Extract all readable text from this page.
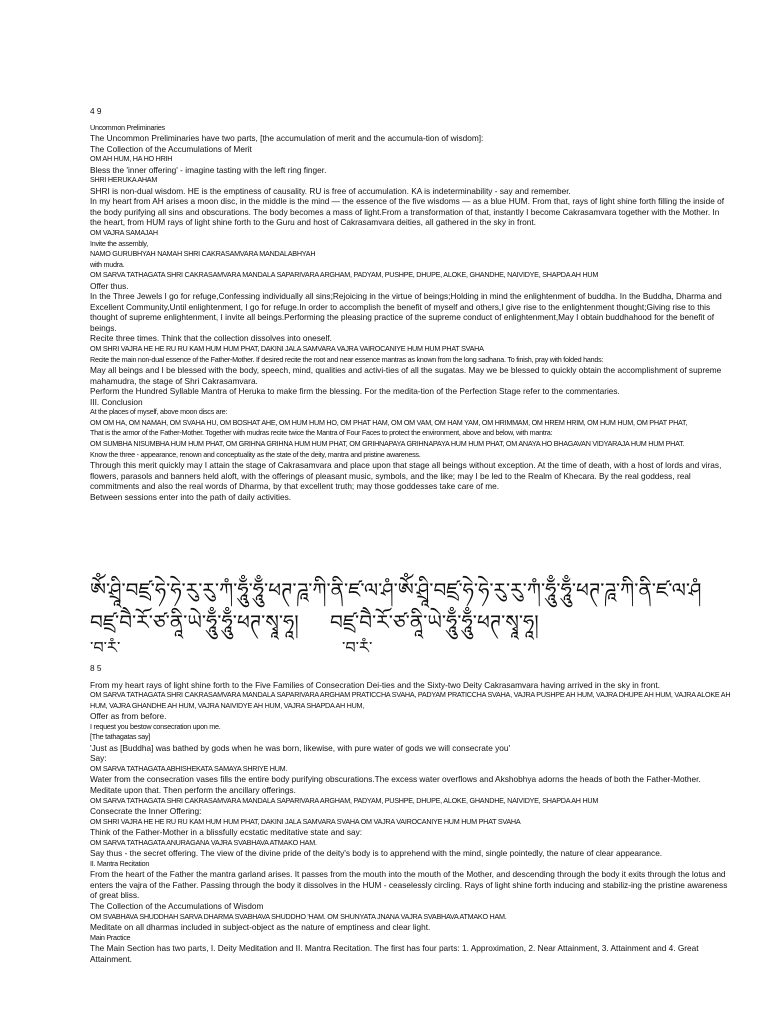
4 9
Uncommon Preliminaries
The Uncommon Preliminaries have two parts, [the accumulation of merit and the accumula-tion of wisdom]:
The Collection of the Accumulations of Merit
OM AH HUM, HA HO HRIH
Bless the 'inner offering' - imagine tasting with the left ring finger.
SHRI HERUKA AHAM
SHRI is non-dual wisdom. HE is the emptiness of causality. RU is free of accumulation. KA is indeterminability - say and remember.
In my heart from AH arises a moon disc, in the middle is the mind — the essence of the five wisdoms — as a blue HUM. From that, rays of light shine forth filling the inside of the body purifying all sins and obscurations. The body becomes a mass of light.From a transformation of that, instantly I become Cakrasamvara together with the Mother. In the heart, from HUM rays of light shine forth to the Guru and host of Cakrasamvara deities, all gathered in the sky in front.
OM VAJRA SAMAJAH
Invite the assembly,
NAMO GURUBHYAH NAMAH SHRI CAKRASAMVARA MANDALABHYAH
with mudra.
OM SARVA TATHAGATA SHRI CAKRASAMVARA MANDALA SAPARIVARA ARGHAM, PADYAM, PUSHPE, DHUPE, ALOKE, GHANDHE, NAIVIDYE, SHAPDA AH HUM
Offer thus.
In the Three Jewels I go for refuge,Confessing individually all sins;Rejoicing in the virtue of beings;Holding in mind the enlightenment of buddha. In the Buddha, Dharma and Excellent Community,Until enlightenment, I go for refuge.In order to accomplish the benefit of myself and others,I give rise to the enlightenment thought;Giving rise to this thought of supreme enlightenment, I invite all beings.Performing the pleasing practice of the supreme conduct of enlightenment,May I obtain buddhahood for the benefit of beings.
Recite three times. Think that the collection dissolves into oneself.
OM SHRI VAJRA HE HE RU RU KAM HUM HUM PHAT, DAKINI JALA SAMVARA VAJRA VAIROCANIYE HUM HUM PHAT SVAHA
Recite the main non-dual essence of the Father-Mother. If desired recite the root and near essence mantras as known from the long sadhana. To finish, pray with folded hands:
May all beings and I be blessed with the body, speech, mind, qualities and activi-ties of all the sugatas. May we be blessed to quickly obtain the accomplishment of supreme mahamudra, the stage of Shri Cakrasamvara.
Perform the Hundred Syllable Mantra of Heruka to make firm the blessing. For the medita-tion of the Perfection Stage refer to the commentaries.
III. Conclusion
At the places of myself, above moon discs are:
OM OM HA, OM NAMAH, OM SVAHA HU, OM BOSHAT AHE, OM HUM HUM HO, OM PHAT HAM, OM OM VAM, OM HAM YAM, OM HRIMMAM, OM HREM HRIM, OM HUM HUM, OM PHAT PHAT,
That is the armor of the Father-Mother. Together with mudras recite twice the Mantra of Four Faces to protect the environment, above and below, with mantra:
OM SUMBHA NISUMBHA HUM HUM PHAT, OM GRIHNA GRIHNA HUM HUM PHAT, OM GRIHNAPAYA GRIHNAPAYA HUM HUM PHAT, OM ANAYA HO BHAGAVAN VIDYARAJA HUM HUM PHAT.
Know the three - appearance, renown and conceptuality as the state of the deity, mantra and pristine awareness.
Through this merit quickly may I attain the stage of Cakrasamvara and place upon that stage all beings without exception. At the time of death, with a host of lords and viras, flowers, parasols and banners held aloft, with the offerings of pleasant music, symbols, and the like; may I be led to the Realm of Khecara. By the real goddess, real commitments and also the real words of Dharma, by that excellent truth; may those goddesses take care of me.
Between sessions enter into the path of daily activities.
ཨོཾ་ཤྲཱི་བཛྲ་ཧེ་ཧེ་རུ་རུ་ཀཾ་ཧཱུྃ་ཧཱུྃ་ཕཊ་ཌཱ་ཀི་ནི་ཛ་ལ་ཤཾ་ཨོཾ་ཤྲཱི་བཛྲ་ཧེ་ཧེ་རུ་རུ་ཀཾ་ཧཱུྃ་ཧཱུྃ་ཕཊ་ཌཱ་ཀི་ནི་ཛ་ལ་ཤཾ
བཛྲ་བཻ་རོ་ཙ་ནཱི་ཡེ་ཧཱུྃ་ཧཱུྃ་ཕཊ་སྭཱ་ཧཱ། བཛྲ་བཻ་རོ་ཙ་ནཱི་ཡེ་ཧཱུྃ་ཧཱུྃ་ཕཊ་སྭཱ་ཧཱ།
་བ་རཾ་	་བ་རཾ་
8 5
From my heart rays of light shine forth to the Five Families of Consecration Dei-ties and the Sixty-two Deity Cakrasamvara having arrived in the sky in front.
OM SARVA TATHAGATA SHRI CAKRASAMVARA MANDALA SAPARIVARA ARGHAM PRATICCHA SVAHA, PADYAM PRATICCHA SVAHA, VAJRA PUSHPE AH HUM, VAJRA DHUPE AH HUM, VAJRA ALOKE AH HUM, VAJRA GHANDHE AH HUM, VAJRA NAIVIDYE AH HUM, VAJRA SHAPDA AH HUM,
Offer as from before.
I request you bestow consecration upon me.
[The tathagatas say]
'Just as [Buddha] was bathed by gods when he was born, likewise, with pure water of gods we will consecrate you'
Say:
OM SARVA TATHAGATA ABHISHEKATA SAMAYA SHRIYE HUM.
Water from the consecration vases fills the entire body purifying obscurations.The excess water overflows and Akshobhya adorns the heads of both the Father-Mother.
Meditate upon that. Then perform the ancillary offerings.
OM SARVA TATHAGATA SHRI CAKRASAMVARA MANDALA SAPARIVARA ARGHAM, PADYAM, PUSHPE, DHUPE, ALOKE, GHANDHE, NAIVIDYE, SHAPDA AH HUM
Consecrate the Inner Offering:
OM SHRI VAJRA HE HE RU RU KAM HUM HUM PHAT, DAKINI JALA SAMVARA SVAHA OM VAJRA VAIROCANIYE HUM HUM PHAT SVAHA
Think of the Father-Mother in a blissfully ecstatic meditative state and say:
OM SARVA TATHAGATA ANURAGANA VAJRA SVABHAVA ATMAKO HAM.
Say thus - the secret offering. The view of the divine pride of the deity's body is to apprehend with the mind, single pointedly, the nature of clear appearance.
II. Mantra Recitation
From the heart of the Father the mantra garland arises. It passes from the mouth into the mouth of the Mother, and descending through the body it exits through the lotus and enters the vajra of the Father. Passing through the body it dissolves in the HUM - ceaselessly circling. Rays of light shine forth inducing and stabiliz-ing the pristine awareness of great bliss.
The Collection of the Accumulations of Wisdom
OM SVABHAVA SHUDDHAH SARVA DHARMA SVABHAVA SHUDDHO 'HAM. OM SHUNYATA JNANA VAJRA SVABHAVA ATMAKO HAM.
Meditate on all dharmas included in subject-object as the nature of emptiness and clear light.
Main Practice
The Main Section has two parts, I. Deity Meditation and II. Mantra Recitation. The first has four parts: 1. Approximation, 2. Near Attainment, 3. Attainment and 4. Great Attainment.
